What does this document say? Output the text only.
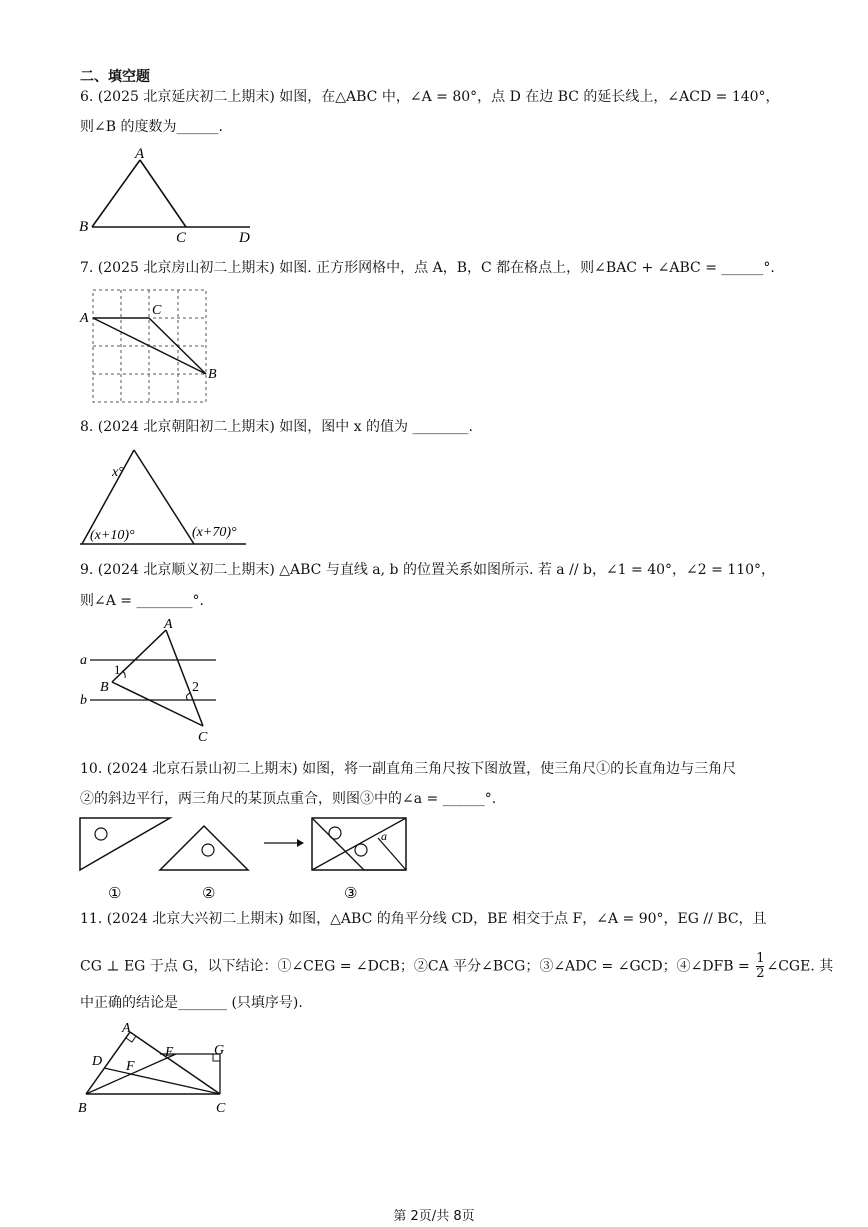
二、填空题
6. (2025 北京延庆初二上期末) 如图，在△ABC 中，∠A = 80°，点 D 在边 BC 的延长线上，∠ACD = 140°，
则∠B 的度数为______.
A
B
C	D
7. (2025 北京房山初二上期末) 如图. 正方形网格中，点 A，B，C 都在格点上，则∠BAC + ∠ABC = ______°.
A
C
B
8. (2024 北京朝阳初二上期末) 如图，图中 x 的值为 ________.
x°
(x+10)°	(x+70)°
9. (2024 北京顺义初二上期末) △ABC 与直线 a, b 的位置关系如图所示. 若 a // b，∠1 = 40°，∠2 = 110°，
则∠A = ________°.
A
B
C
a
b
1
2
10. (2024 北京石景山初二上期末) 如图，将一副直角三角尺按下图放置，使三角尺①的长直角边与三角尺
②的斜边平行，两三角尺的某顶点重合，则图③中的∠a = ______°.
a
①	②	③
11. (2024 北京大兴初二上期末) 如图，△ABC 的角平分线 CD，BE 相交于点 F，∠A = 90°，EG // BC，且
CG ⊥ EG 于点 G，以下结论：①∠CEG = ∠DCB；②CA 平分∠BCG；③∠ADC = ∠GCD；④∠DFB = $\frac{1}{2}$ ∠CGE. 其
中正确的结论是_______ (只填序号).
A
D
E	G
F
B	C
第 2页/共 8页
